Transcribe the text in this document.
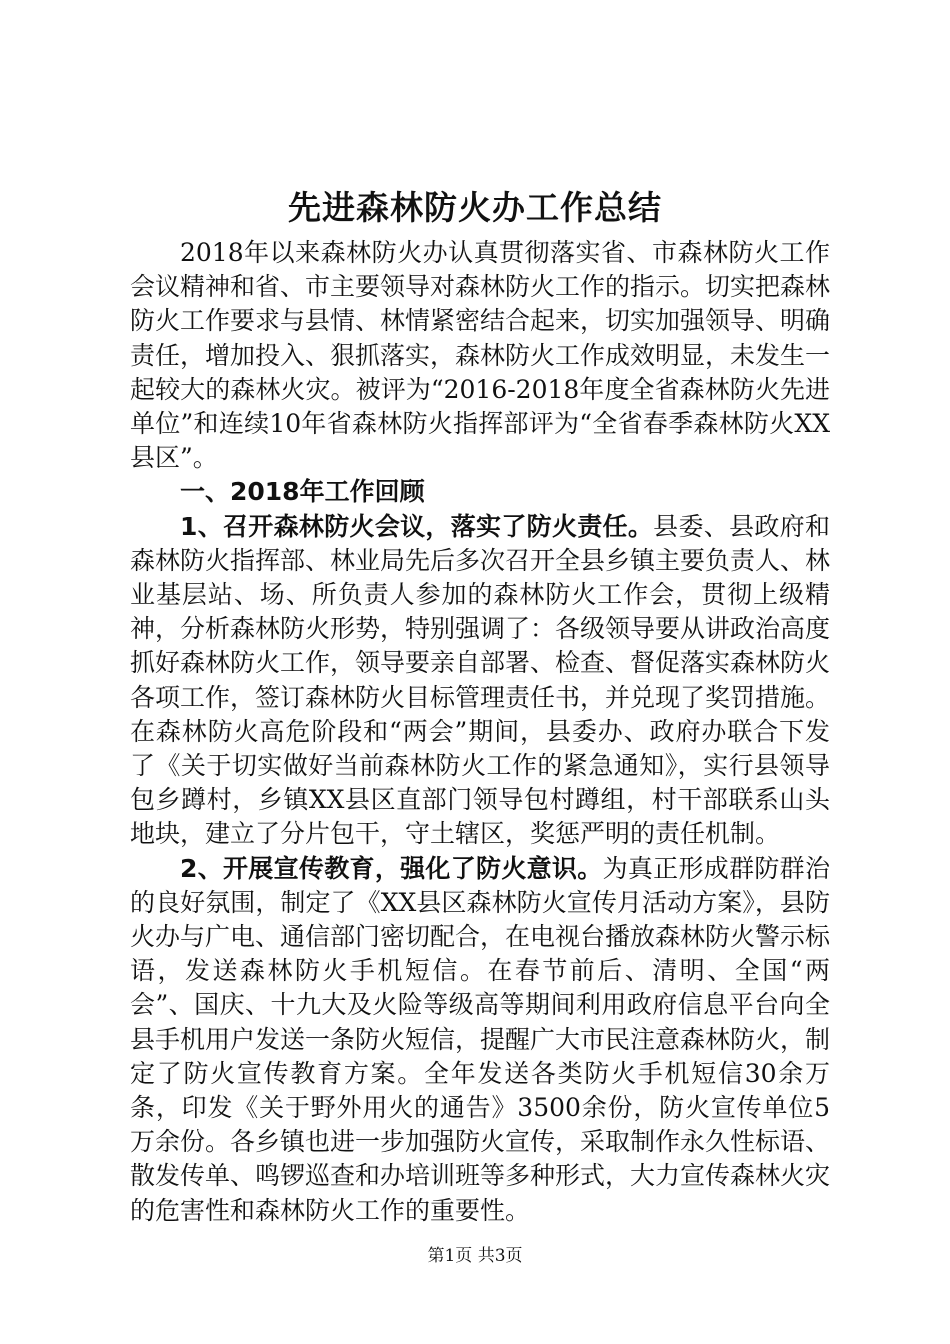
先进森林防火办工作总结

2018年以来森林防火办认真贯彻落实省、市森林防火工作会议精神和省、市主要领导对森林防火工作的指示。切实把森林防火工作要求与县情、林情紧密结合起来，切实加强领导、明确责任，增加投入、狠抓落实，森林防火工作成效明显，未发生一起较大的森林火灾。被评为“2016-2018年度全省森林防火先进单位”和连续10年省森林防火指挥部评为“全省春季森林防火XX县区”。

一、2018年工作回顾

1、召开森林防火会议，落实了防火责任。县委、县政府和森林防火指挥部、林业局先后多次召开全县乡镇主要负责人、林业基层站、场、所负责人参加的森林防火工作会，贯彻上级精神，分析森林防火形势，特别强调了：各级领导要从讲政治高度抓好森林防火工作，领导要亲自部署、检查、督促落实森林防火各项工作，签订森林防火目标管理责任书，并兑现了奖罚措施。在森林防火高危阶段和“两会”期间，县委办、政府办联合下发了《关于切实做好当前森林防火工作的紧急通知》，实行县领导包乡蹲村，乡镇XX县区直部门领导包村蹲组，村干部联系山头地块，建立了分片包干，守土辖区，奖惩严明的责任机制。

2、开展宣传教育，强化了防火意识。为真正形成群防群治的良好氛围，制定了《XX县区森林防火宣传月活动方案》，县防火办与广电、通信部门密切配合，在电视台播放森林防火警示标语，发送森林防火手机短信。在春节前后、清明、全国“两会”、国庆、十九大及火险等级高等期间利用政府信息平台向全县手机用户发送一条防火短信，提醒广大市民注意森林防火，制定了防火宣传教育方案。全年发送各类防火手机短信30余万条，印发《关于野外用火的通告》3500余份，防火宣传单位5万余份。各乡镇也进一步加强防火宣传，采取制作永久性标语、散发传单、鸣锣巡查和办培训班等多种形式，大力宣传森林火灾的危害性和森林防火工作的重要性。

第1页 共3页
